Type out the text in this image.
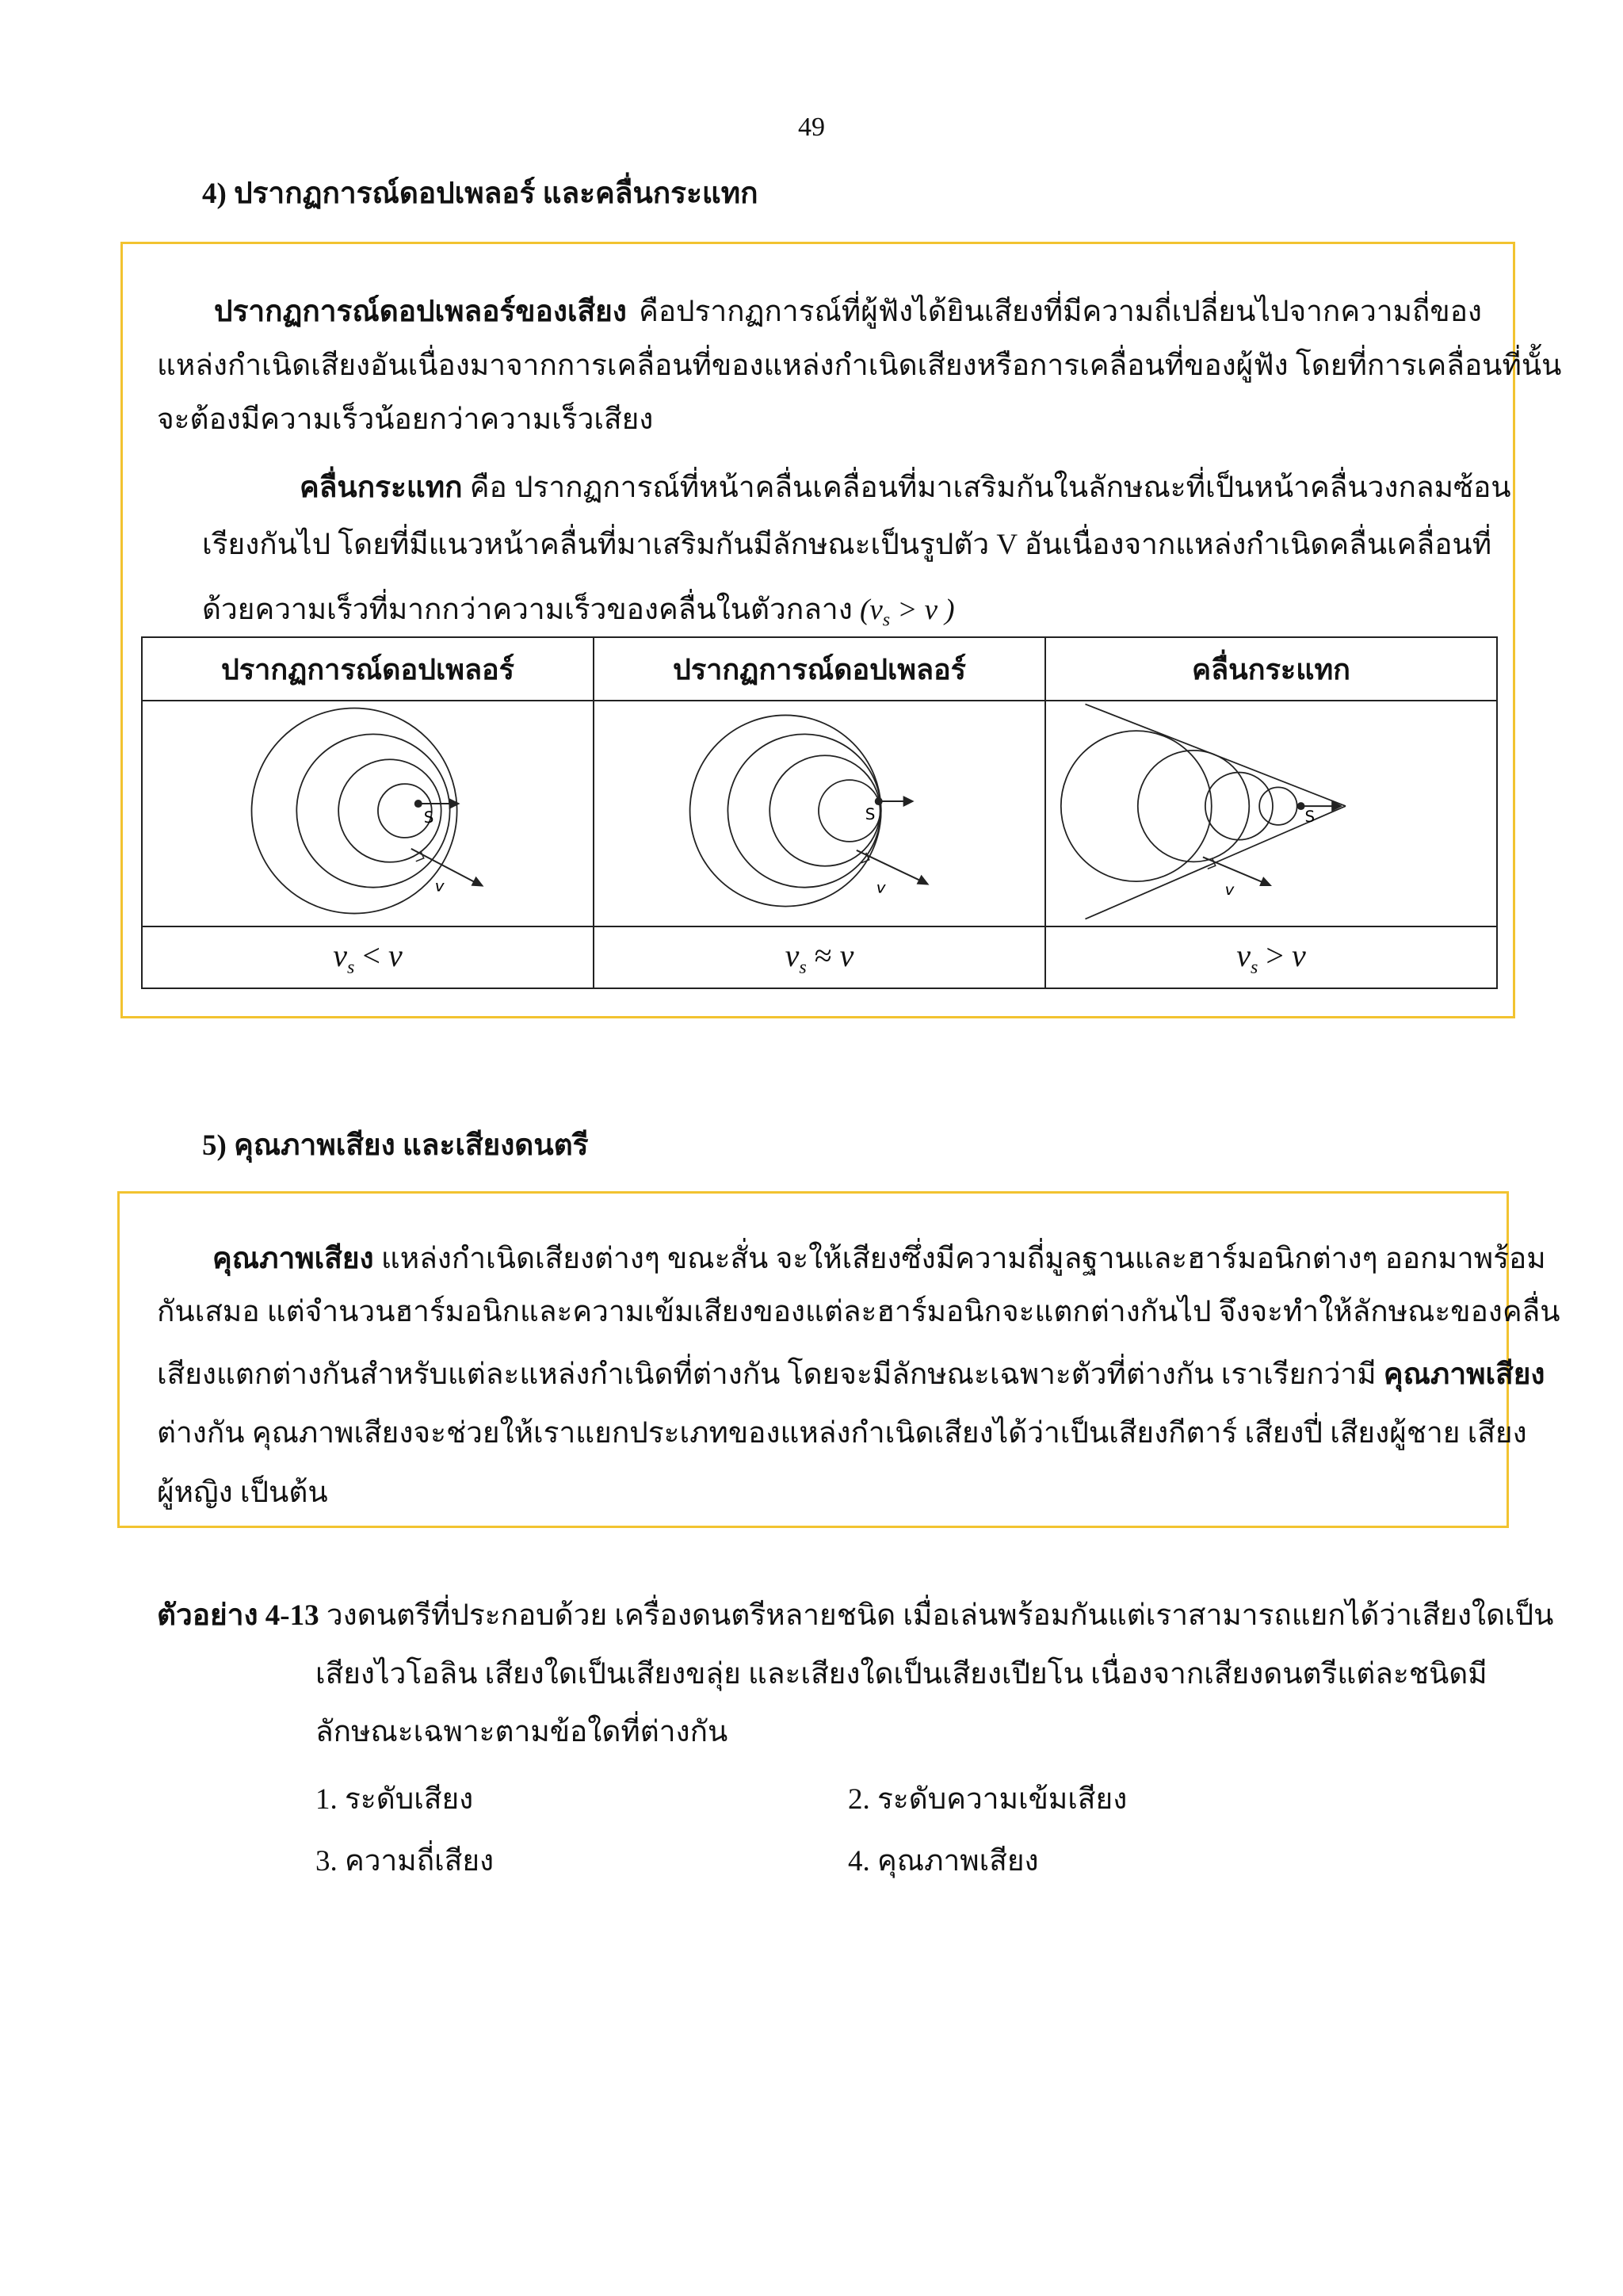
49
4) ปรากฏการณ์ดอปเพลอร์ และคลื่นกระแทก
ปรากฏการณ์ดอปเพลอร์ของเสียง คือปรากฏการณ์ที่ผู้ฟังได้ยินเสียงที่มีความถี่เปลี่ยนไปจากความถี่ของ
แหล่งกำเนิดเสียงอันเนื่องมาจากการเคลื่อนที่ของแหล่งกำเนิดเสียงหรือการเคลื่อนที่ของผู้ฟัง โดยที่การเคลื่อนที่นั้น
จะต้องมีความเร็วน้อยกว่าความเร็วเสียง
คลื่นกระแทก คือ ปรากฏการณ์ที่หน้าคลื่นเคลื่อนที่มาเสริมกันในลักษณะที่เป็นหน้าคลื่นวงกลมซ้อน
เรียงกันไป โดยที่มีแนวหน้าคลื่นที่มาเสริมกันมีลักษณะเป็นรูปตัว V อันเนื่องจากแหล่งกำเนิดคลื่นเคลื่อนที่
ด้วยความเร็วที่มากกว่าความเร็วของคลื่นในตัวกลาง ($v_s > v$ )
ปรากฏการณ์ดอปเพลอร์	ปรากฏการณ์ดอปเพลอร์	คลื่นกระแทก

S
v	S
v	S
v

$v_s < v$	$v_s \approx v$	$v_s > v$
5) คุณภาพเสียง และเสียงดนตรี
คุณภาพเสียง แหล่งกำเนิดเสียงต่างๆ ขณะสั่น จะให้เสียงซึ่งมีความถี่มูลฐานและฮาร์มอนิกต่างๆ ออกมาพร้อม
กันเสมอ แต่จำนวนฮาร์มอนิกและความเข้มเสียงของแต่ละฮาร์มอนิกจะแตกต่างกันไป จึงจะทำให้ลักษณะของคลื่น
เสียงแตกต่างกันสำหรับแต่ละแหล่งกำเนิดที่ต่างกัน โดยจะมีลักษณะเฉพาะตัวที่ต่างกัน เราเรียกว่ามี คุณภาพเสียง
ต่างกัน คุณภาพเสียงจะช่วยให้เราแยกประเภทของแหล่งกำเนิดเสียงได้ว่าเป็นเสียงกีตาร์ เสียงปี่ เสียงผู้ชาย เสียง
ผู้หญิง เป็นต้น
ตัวอย่าง 4-13 วงดนตรีที่ประกอบด้วย เครื่องดนตรีหลายชนิด เมื่อเล่นพร้อมกันแต่เราสามารถแยกได้ว่าเสียงใดเป็น
เสียงไวโอลิน เสียงใดเป็นเสียงขลุ่ย และเสียงใดเป็นเสียงเปียโน เนื่องจากเสียงดนตรีแต่ละชนิดมี
ลักษณะเฉพาะตามข้อใดที่ต่างกัน
1. ระดับเสียง	2. ระดับความเข้มเสียง
3. ความถี่เสียง	4. คุณภาพเสียง
